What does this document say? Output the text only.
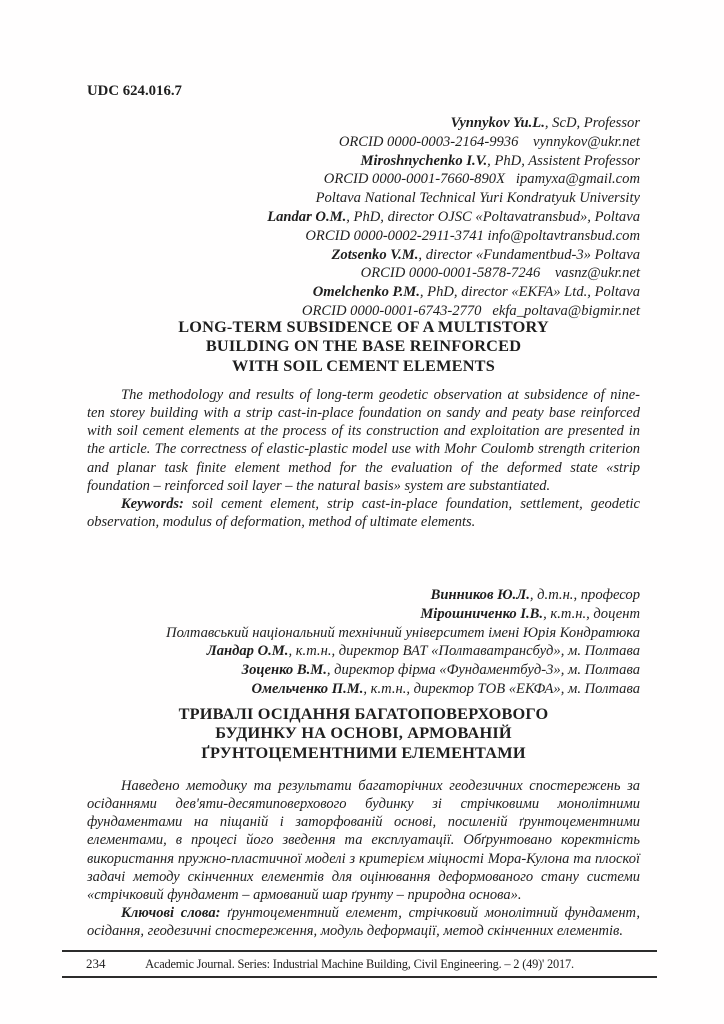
UDC 624.016.7
Vynnykov Yu.L., ScD, Professor
ORCID 0000-0003-2164-9936    vynnykov@ukr.net
Miroshnychenko I.V., PhD, Assistent Professor
ORCID 0000-0001-7660-890X   ipamyxa@gmail.com
Poltava National Technical Yuri Kondratyuk University
Landar O.M., PhD, director OJSC «Poltavatransbud», Poltava
ORCID 0000-0002-2911-3741 info@poltavtransbud.com
Zotsenko V.M., director «Fundamentbud-3» Poltava
ORCID 0000-0001-5878-7246    vasnz@ukr.net
Omelchenko P.M., PhD, director «EKFA» Ltd., Poltava
ORCID 0000-0001-6743-2770   ekfa_poltava@bigmir.net
LONG-TERM SUBSIDENCE OF A MULTISTORY
BUILDING ON THE BASE REINFORCED
WITH SOIL CEMENT ELEMENTS
The methodology and results of long-term geodetic observation at subsidence of nine-
ten storey building with a strip cast-in-place foundation on sandy and peaty base reinforced
with soil cement elements at the process of its construction and exploitation are presented in
the article. The correctness of elastic-plastic model use with Mohr Coulomb strength criterion
and planar task finite element method for the evaluation of the deformed state «strip
foundation – reinforced soil layer – the natural basis» system are substantiated.
Keywords: soil cement element, strip cast-in-place foundation, settlement, geodetic
observation, modulus of deformation, method of ultimate elements.
Винников Ю.Л., д.т.н., професор
Мірошниченко І.В., к.т.н., доцент
Полтавський національний технічний університет імені Юрія Кондратюка
Ландар О.М., к.т.н., директор ВАТ «Полтаватрансбуд», м. Полтава
Зоценко В.М., директор фірма «Фундаментбуд-3», м. Полтава
Омельченко П.М., к.т.н., директор ТОВ «ЕКФА», м. Полтава
ТРИВАЛІ ОСІДАННЯ БАГАТОПОВЕРХОВОГО
БУДИНКУ НА ОСНОВІ, АРМОВАНІЙ
ҐРУНТОЦЕМЕНТНИМИ ЕЛЕМЕНТАМИ
Наведено методику та результати багаторічних геодезичних спостережень за
осіданнями дев'яти-десятиповерхового будинку зі стрічковими монолітними
фундаментами на піщаній і заторфованій основі, посиленій ґрунтоцементними
елементами, в процесі його зведення та експлуатації. Обґрунтовано коректність
використання пружно-пластичної моделі з критерієм міцності Мора-Кулона та плоскої
задачі методу скінченних елементів для оцінювання деформованого стану системи
«стрічковий фундамент – армований шар ґрунту – природна основа».
Ключові слова: ґрунтоцементний елемент, стрічковий монолітний фундамент,
осідання, геодезичні спостереження, модуль деформації, метод скінченних елементів.
234	Academic Journal. Series: Industrial Machine Building, Civil Engineering. – 2 (49)' 2017.
